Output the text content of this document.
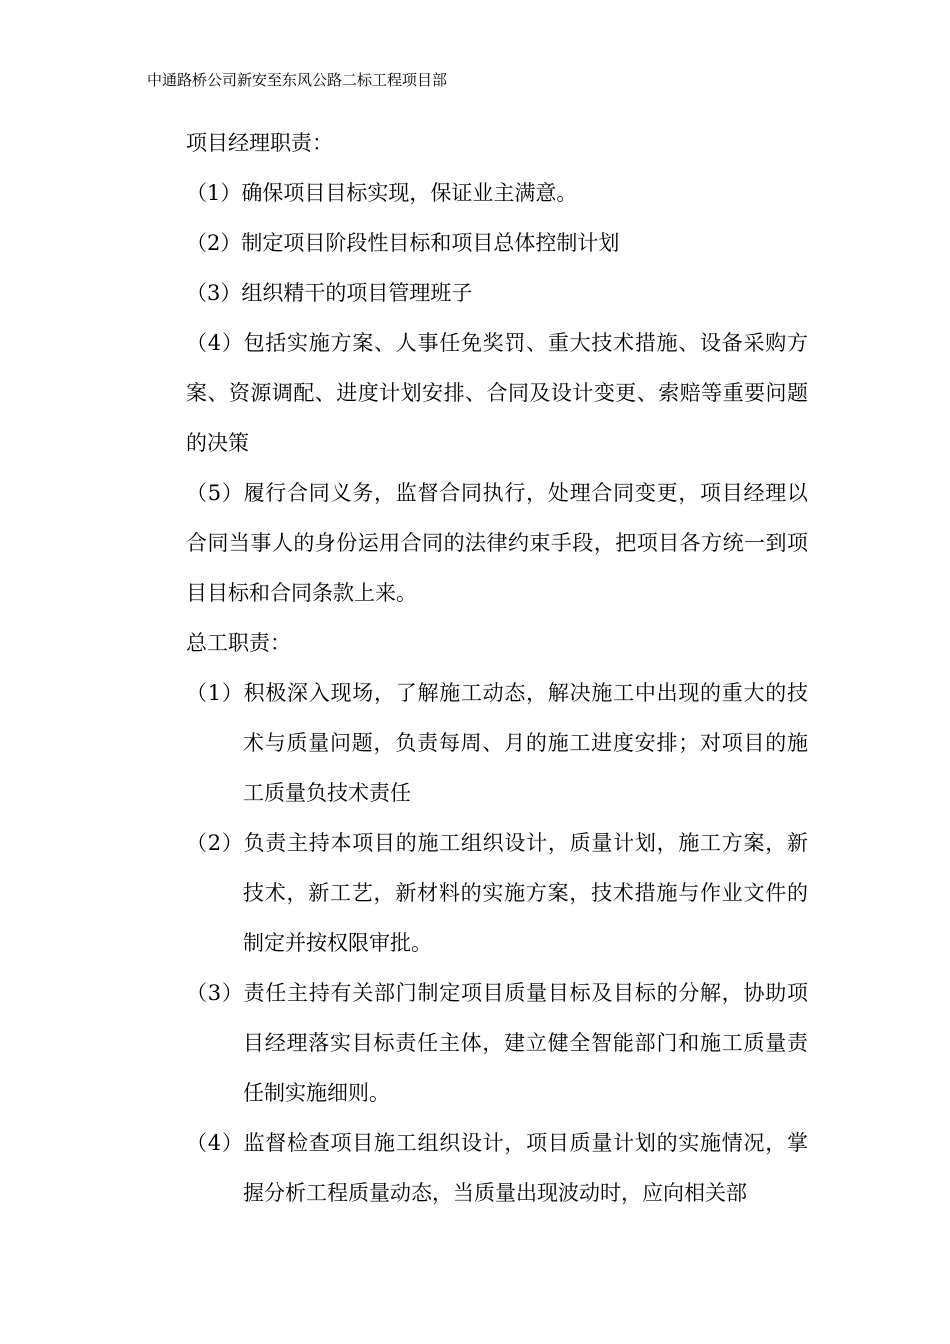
中通路桥公司新安至东风公路二标工程项目部

项目经理职责：

（1）确保项目目标实现，保证业主满意。

（2）制定项目阶段性目标和项目总体控制计划

（3）组织精干的项目管理班子

（4）包括实施方案、人事任免奖罚、重大技术措施、设备采购方案、资源调配、进度计划安排、合同及设计变更、索赔等重要问题的决策

（5）履行合同义务，监督合同执行，处理合同变更，项目经理以合同当事人的身份运用合同的法律约束手段，把项目各方统一到项目目标和合同条款上来。

总工职责：

（1）积极深入现场，了解施工动态，解决施工中出现的重大的技术与质量问题，负责每周、月的施工进度安排；对项目的施工质量负技术责任

（2）负责主持本项目的施工组织设计，质量计划，施工方案，新技术，新工艺，新材料的实施方案，技术措施与作业文件的制定并按权限审批。

（3）责任主持有关部门制定项目质量目标及目标的分解，协助项目经理落实目标责任主体，建立健全智能部门和施工质量责任制实施细则。

（4）监督检查项目施工组织设计，项目质量计划的实施情况，掌握分析工程质量动态，当质量出现波动时，应向相关部
